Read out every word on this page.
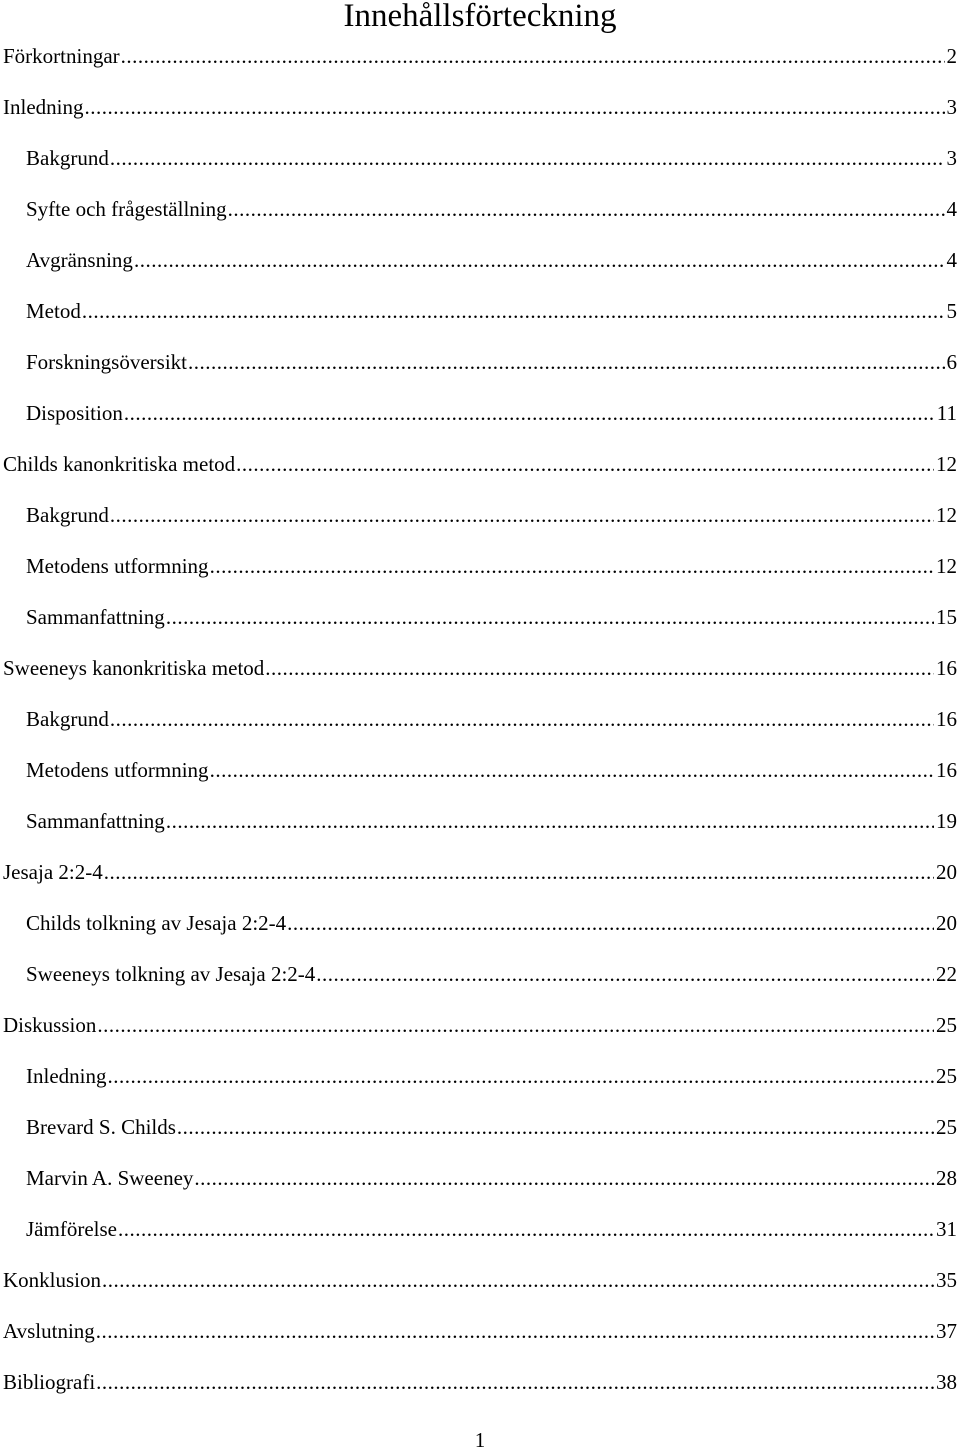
Innehållsförteckning
Förkortningar .....	2
Inledning .....	3
Bakgrund .....	3
Syfte och frågeställning .....	4
Avgränsning .....	4
Metod .....	5
Forskningsöversikt .....	6
Disposition .....	11
Childs kanonkritiska metod .....	12
Bakgrund .....	12
Metodens utformning .....	12
Sammanfattning .....	15
Sweeneys kanonkritiska metod .....	16
Bakgrund .....	16
Metodens utformning .....	16
Sammanfattning .....	19
Jesaja 2:2-4 .....	20
Childs tolkning av Jesaja 2:2-4 .....	20
Sweeneys tolkning av Jesaja 2:2-4 .....	22
Diskussion .....	25
Inledning .....	25
Brevard S. Childs .....	25
Marvin A. Sweeney .....	28
Jämförelse .....	31
Konklusion .....	35
Avslutning .....	37
Bibliografi .....	38
1
